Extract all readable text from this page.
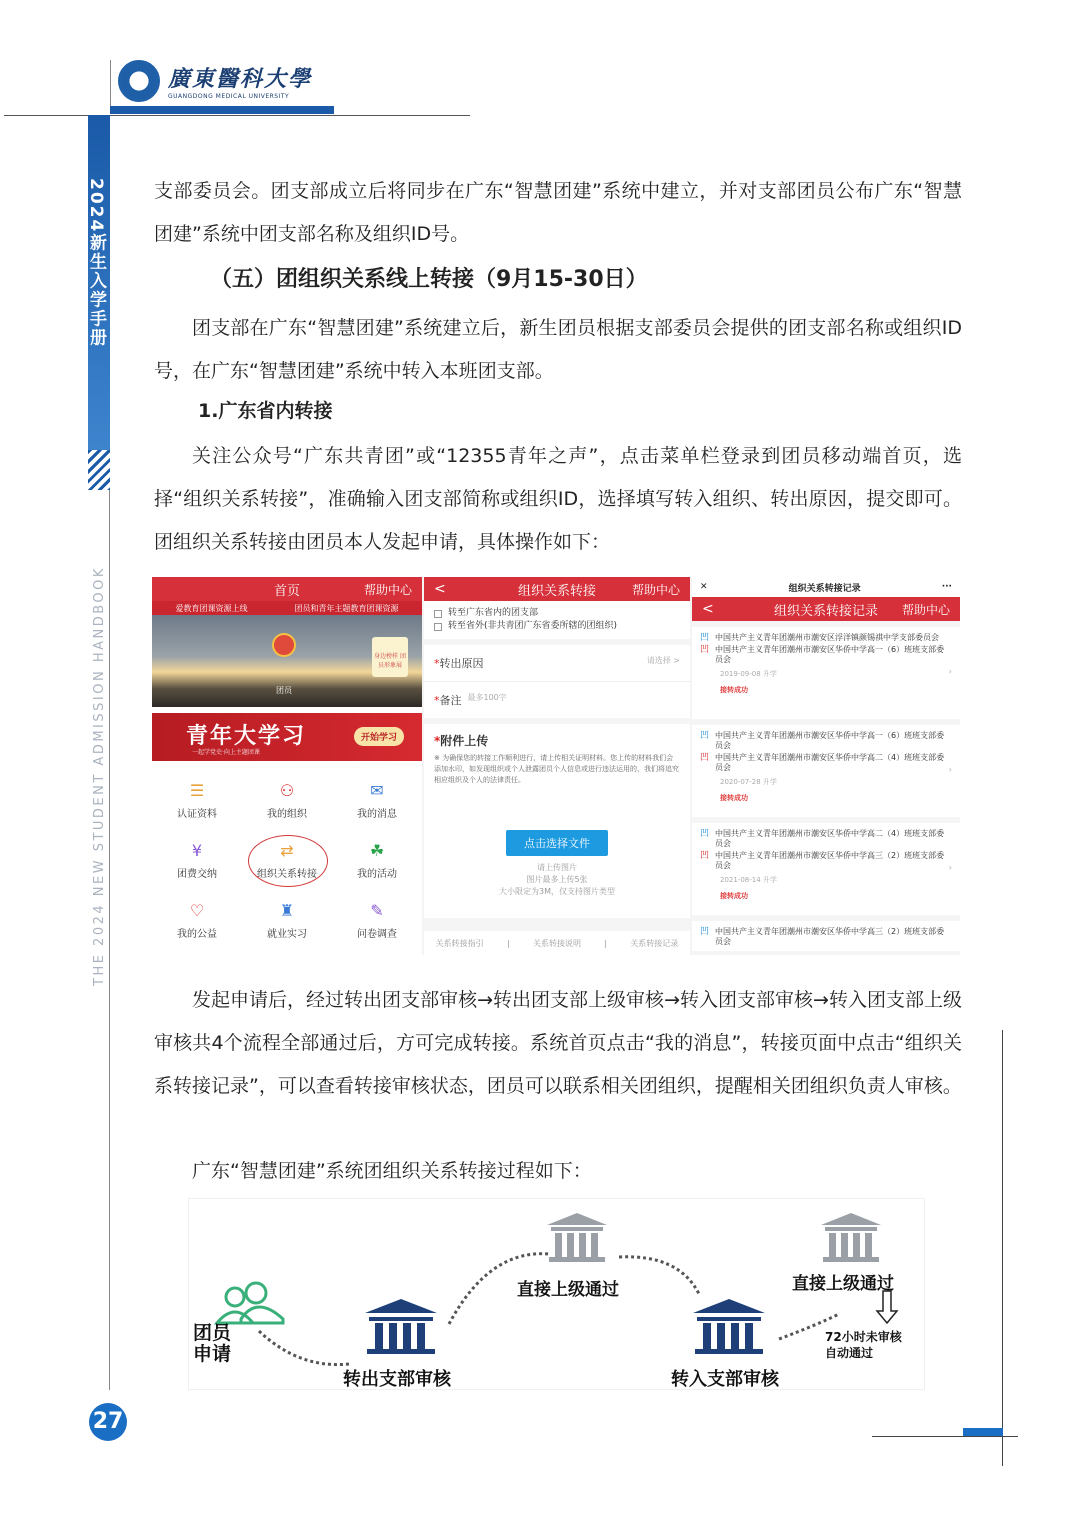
廣東醫科大學
GUANGDONG MEDICAL UNIVERSITY
2024新生入学手册
THE 2024 NEW STUDENT ADMISSION HANDBOOK

支部委员会。团支部成立后将同步在广东“智慧团建”系统中建立，并对支部团员公布广东“智慧团建”系统中团支部名称及组织ID号。

（五）团组织关系线上转接（9月15-30日）

团支部在广东“智慧团建”系统建立后，新生团员根据支部委员会提供的团支部名称或组织ID号，在广东“智慧团建”系统中转入本班团支部。

1.广东省内转接

关注公众号“广东共青团”或“12355青年之声”，点击菜单栏登录到团员移动端首页，选择“组织关系转接”，准确输入团支部简称或组织ID，选择填写转入组织、转出原因，提交即可。团组织关系转接由团员本人发起申请，具体操作如下：

首页	帮助中心
爱教育团课资源上线	团员和青年主题教育团课资源
团员
身边榜样 团员形象展
青年大学习
一起学党史·向上主题团课
开始学习
☰
认证资料
⚇
我的组织
✉
我的消息
¥
团费交纳
⇄
组织关系转接
☘
我的活动
♡
我的公益
♜
就业实习
✎
问卷调查
<	组织关系转接	帮助中心
转至广东省内的团支部
转至省外(非共青团广东省委所辖的团组织)
*转出原因	请选择 >
*备注 最多100字
*附件上传
※ 为确保您的转接工作顺利进行，请上传相关证明材料。您上传的材料我们会添加水印，如发现组织或个人泄露团员个人信息或进行违法运用的，我们将追究相应组织及个人的法律责任。
点击选择文件
请上传图片
图片最多上传5张
大小限定为3M，仅支持图片类型
关系转接指引	|	关系转接说明	|	关系转接记录
✕	组织关系转接记录	···
<	组织关系转接记录 帮助中心
凹 中国共产主义青年团潮州市潮安区浮洋镇颜锡祺中学支部委员会
凹 中国共产主义青年团潮州市潮安区华侨中学高一（6）班班支部委员会
2019-09-08 升学
接转成功
›
凹 中国共产主义青年团潮州市潮安区华侨中学高一（6）班班支部委员会
凹 中国共产主义青年团潮州市潮安区华侨中学高二（4）班班支部委员会
2020-07-28 升学
接转成功
›
凹 中国共产主义青年团潮州市潮安区华侨中学高二（4）班班支部委员会
凹 中国共产主义青年团潮州市潮安区华侨中学高三（2）班班支部委员会
2021-08-14 升学
接转成功
›
凹 中国共产主义青年团潮州市潮安区华侨中学高三（2）班班支部委员会

发起申请后，经过转出团支部审核→转出团支部上级审核→转入团支部审核→转入团支部上级审核共4个流程全部通过后，方可完成转接。系统首页点击“我的消息”，转接页面中点击“组织关系转接记录”，可以查看转接审核状态，团员可以联系相关团组织，提醒相关团组织负责人审核。

广东“智慧团建”系统团组织关系转接过程如下：

团员
申请
转出支部审核
直接上级通过
转入支部审核
直接上级通过
72小时未审核
自动通过
27
